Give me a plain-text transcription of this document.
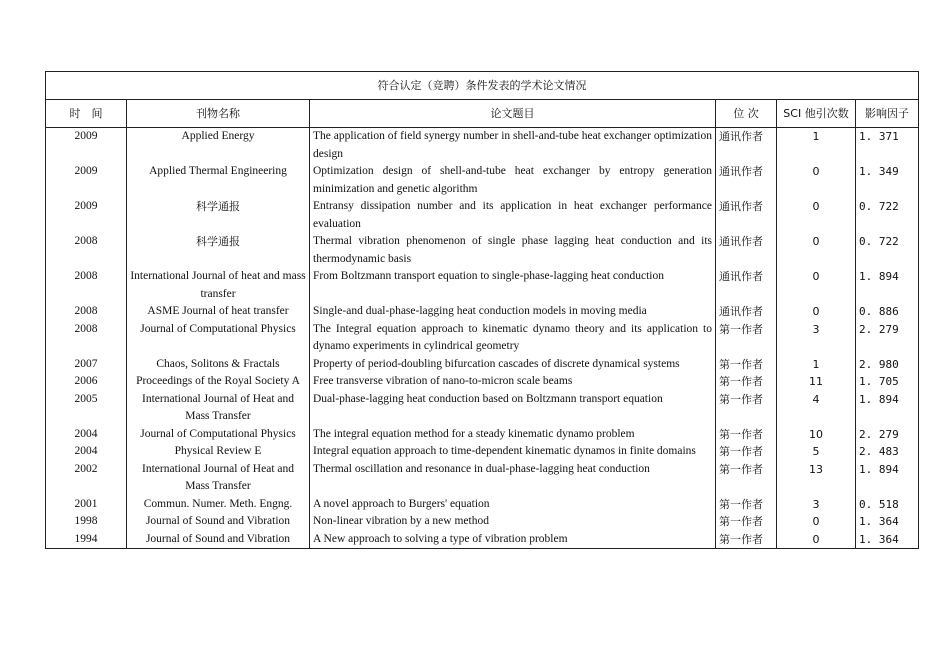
符合认定（竞聘）条件发表的学术论文情况					
时　间	刊物名称	论文题目	位 次	SCI 他引次数	影响因子
2009	Applied Energy	The application of field synergy number in shell-and-tube heat exchanger optimization design	通讯作者	1	1. 371
2009	Applied Thermal Engineering	Optimization design of shell-and-tube heat exchanger by entropy generation minimization and genetic algorithm	通讯作者	0	1. 349
2009	科学通报	Entransy dissipation number and its application in heat exchanger performance evaluation	通讯作者	0	0. 722
2008	科学通报	Thermal vibration phenomenon of single phase lagging heat conduction and its thermodynamic basis	通讯作者	0	0. 722
2008	International Journal of heat and mass transfer	From Boltzmann transport equation to single-phase-lagging heat conduction	通讯作者	0	1. 894
2008	ASME Journal of heat transfer	Single-and dual-phase-lagging heat conduction models in moving media	通讯作者	0	0. 886
2008	Journal of Computational Physics	The Integral equation approach to kinematic dynamo theory and its application to dynamo experiments in cylindrical geometry	第一作者	3	2. 279
2007	Chaos, Solitons & Fractals	Property of period-doubling bifurcation cascades of discrete dynamical systems	第一作者	1	2. 980
2006	Proceedings of the Royal Society A	Free transverse vibration of nano-to-micron scale beams	第一作者	11	1. 705
2005	International Journal of Heat and Mass Transfer	Dual-phase-lagging heat conduction based on Boltzmann transport equation	第一作者	4	1. 894
2004	Journal of Computational Physics	The integral equation method for a steady kinematic dynamo problem	第一作者	10	2. 279
2004	Physical Review E	Integral equation approach to time-dependent kinematic dynamos in finite domains	第一作者	5	2. 483
2002	International Journal of Heat and Mass Transfer	Thermal oscillation and resonance in dual-phase-lagging heat conduction	第一作者	13	1. 894
2001	Commun. Numer. Meth. Engng.	A novel approach to Burgers' equation	第一作者	3	0. 518
1998	Journal of Sound and Vibration	Non-linear vibration by a new method	第一作者	0	1. 364
1994	Journal of Sound and Vibration	A New approach to solving a type of vibration problem	第一作者	0	1. 364
